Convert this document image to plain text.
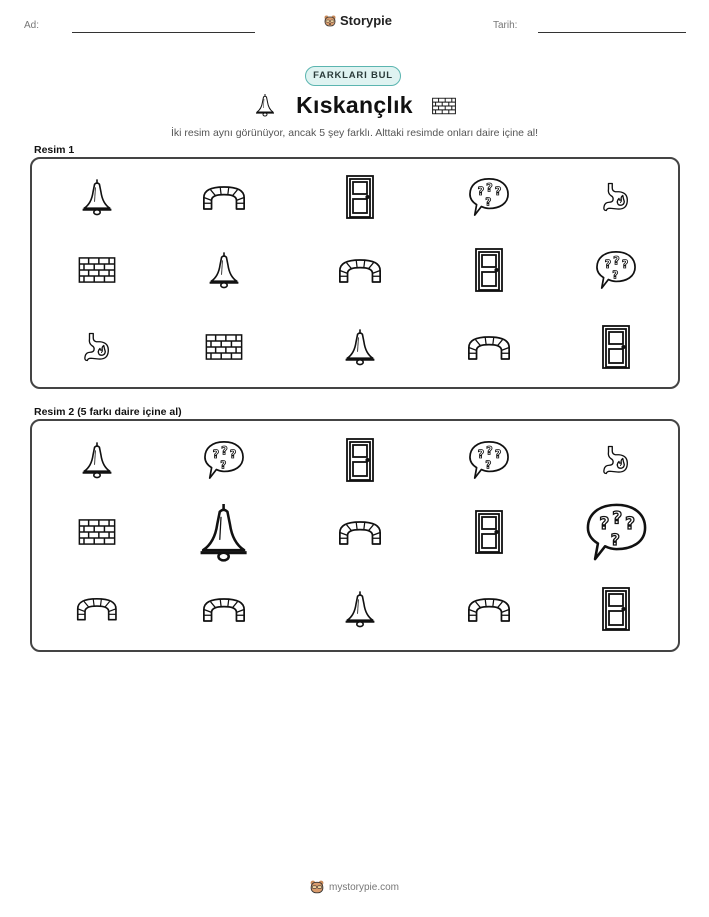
Ad:	Storypie	Tarih:
FARKLARI BUL
Kıskançlık
İki resim aynı görünüyor, ancak 5 şey farklı. Alttaki resimde onları daire içine al!
Resim 1
Resim 2 (5 farkı daire içine al)
mystorypie.com
